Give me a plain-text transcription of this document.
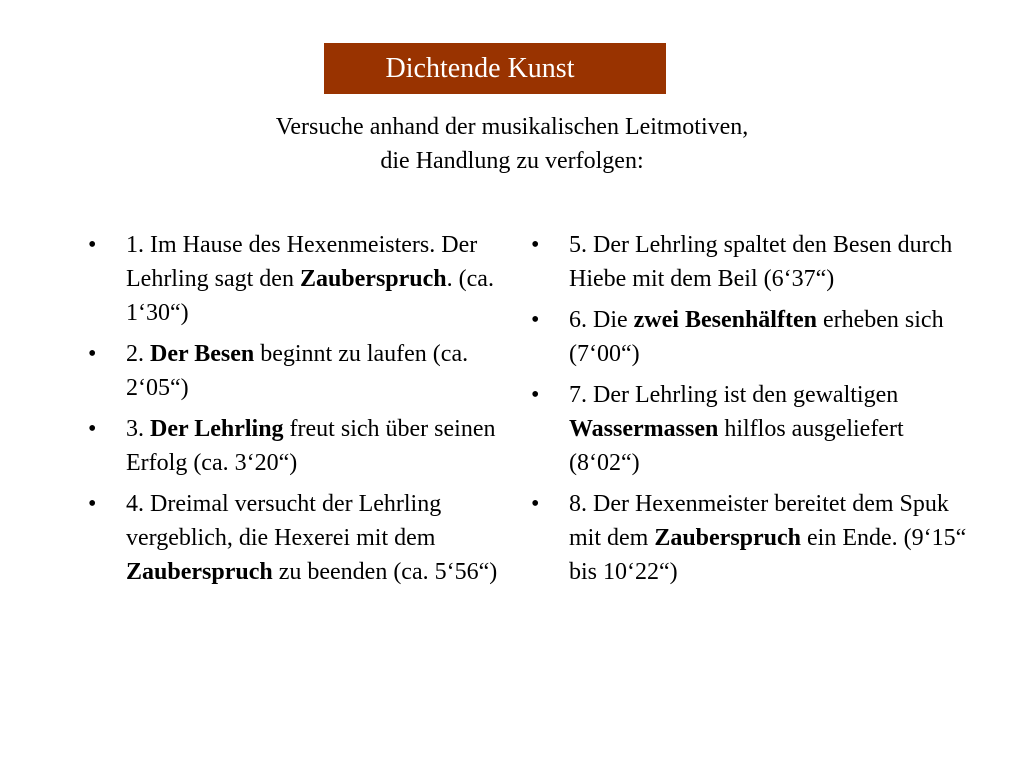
Dichtende Kunst
Versuche anhand der musikalischen Leitmotiven,
die Handlung zu verfolgen:
•	1. Im Hause des Hexenmeisters. Der Lehrling sagt den Zauberspruch. (ca. 1‘30“)
•	2. Der Besen beginnt zu laufen (ca. 2‘05“)
•	3. Der Lehrling freut sich über seinen Erfolg (ca. 3‘20“)
•	4. Dreimal versucht der Lehrling vergeblich, die Hexerei mit dem Zauberspruch zu beenden (ca. 5‘56“)
•	5. Der Lehrling spaltet den Besen durch Hiebe mit dem Beil (6‘37“)
•	6. Die zwei Besenhälften erheben sich (7‘00“)
•	7. Der Lehrling ist den gewaltigen Wassermassen hilflos ausgeliefert (8‘02“)
•	8. Der Hexenmeister bereitet dem Spuk mit dem Zauberspruch ein Ende. (9‘15“ bis 10‘22“)
